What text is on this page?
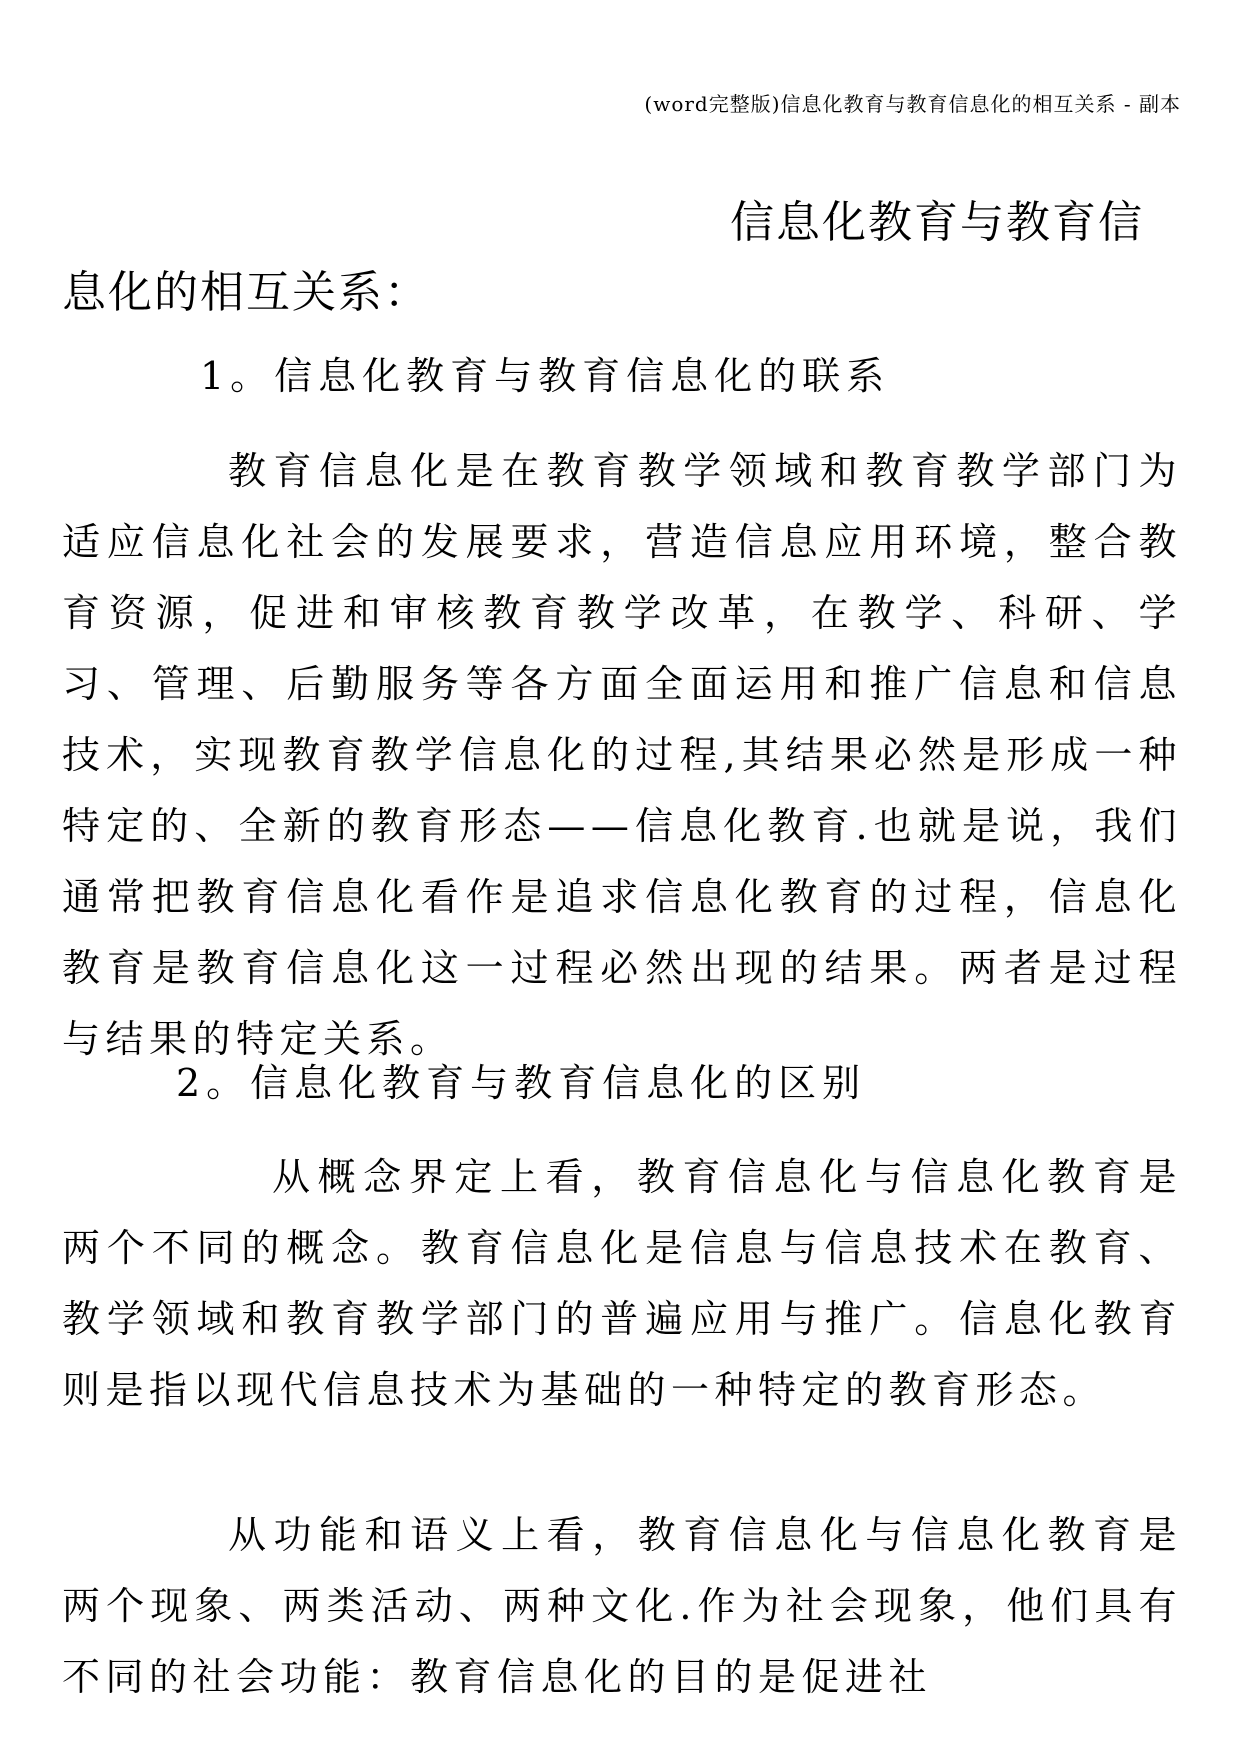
(word完整版)信息化教育与教育信息化的相互关系 - 副本
信息化教育与教育信
息化的相互关系：
1。信息化教育与教育信息化的联系
教育信息化是在教育教学领域和教育教学部门为适应信息化社会的发展要求，营造信息应用环境，整合教育资源，促进和审核教育教学改革，在教学、科研、学习、管理、后勤服务等各方面全面运用和推广信息和信息技术，实现教育教学信息化的过程,其结果必然是形成一种特定的、全新的教育形态——信息化教育.也就是说，我们通常把教育信息化看作是追求信息化教育的过程，信息化教育是教育信息化这一过程必然出现的结果。两者是过程与结果的特定关系。
2。信息化教育与教育信息化的区别
从概念界定上看，教育信息化与信息化教育是两个不同的概念。教育信息化是信息与信息技术在教育、教学领域和教育教学部门的普遍应用与推广。信息化教育则是指以现代信息技术为基础的一种特定的教育形态。
从功能和语义上看，教育信息化与信息化教育是两个现象、两类活动、两种文化.作为社会现象，他们具有不同的社会功能：教育信息化的目的是促进社
